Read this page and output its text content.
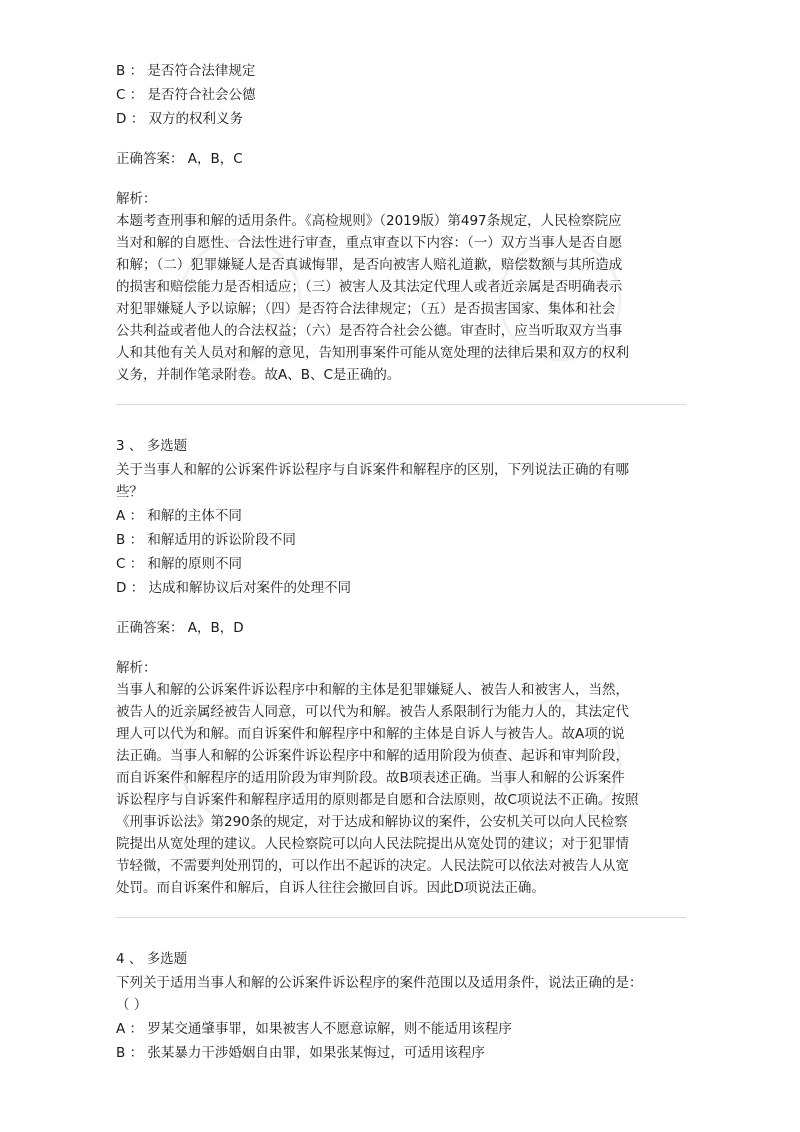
B ： 是否符合法律规定

C ： 是否符合社会公德

D ： 双方的权利义务

正确答案： A，B，C

解析：

本题考查刑事和解的适用条件。《高检规则》（2019版）第497条规定，人民检察院应

当对和解的自愿性、合法性进行审查，重点审查以下内容：（一）双方当事人是否自愿

和解；（二）犯罪嫌疑人是否真诚悔罪，是否向被害人赔礼道歉，赔偿数额与其所造成

的损害和赔偿能力是否相适应；（三）被害人及其法定代理人或者近亲属是否明确表示

对犯罪嫌疑人予以谅解；（四）是否符合法律规定；（五）是否损害国家、集体和社会

公共利益或者他人的合法权益；（六）是否符合社会公德。审查时，应当听取双方当事

人和其他有关人员对和解的意见，告知刑事案件可能从宽处理的法律后果和双方的权利

义务，并制作笔录附卷。故A、B、C是正确的。

3 、 多选题

关于当事人和解的公诉案件诉讼程序与自诉案件和解程序的区别，下列说法正确的有哪

些？

A ： 和解的主体不同

B ： 和解适用的诉讼阶段不同

C ： 和解的原则不同

D ： 达成和解协议后对案件的处理不同

正确答案： A，B，D

解析：

当事人和解的公诉案件诉讼程序中和解的主体是犯罪嫌疑人、被告人和被害人，当然，

被告人的近亲属经被告人同意，可以代为和解。被告人系限制行为能力人的，其法定代

理人可以代为和解。而自诉案件和解程序中和解的主体是自诉人与被告人。故A项的说

法正确。当事人和解的公诉案件诉讼程序中和解的适用阶段为侦查、起诉和审判阶段，

而自诉案件和解程序的适用阶段为审判阶段。故B项表述正确。当事人和解的公诉案件

诉讼程序与自诉案件和解程序适用的原则都是自愿和合法原则，故C项说法不正确。按照

《刑事诉讼法》第290条的规定，对于达成和解协议的案件，公安机关可以向人民检察

院提出从宽处理的建议。人民检察院可以向人民法院提出从宽处罚的建议；对于犯罪情

节轻微，不需要判处刑罚的，可以作出不起诉的决定。人民法院可以依法对被告人从宽

处罚。而自诉案件和解后，自诉人往往会撤回自诉。因此D项说法正确。

4 、 多选题

下列关于适用当事人和解的公诉案件诉讼程序的案件范围以及适用条件，说法正确的是：

（ ）

A ： 罗某交通肇事罪，如果被害人不愿意谅解，则不能适用该程序

B ： 张某暴力干涉婚姻自由罪，如果张某悔过，可适用该程序
